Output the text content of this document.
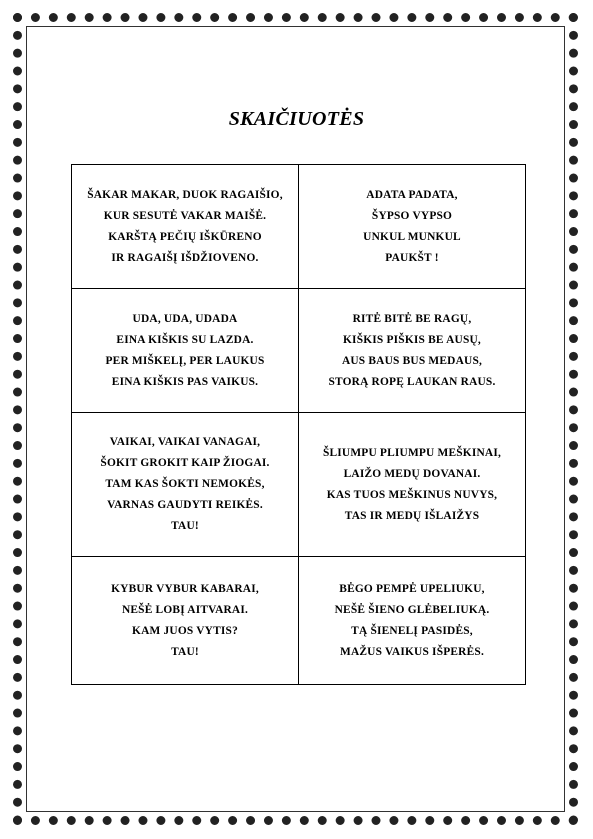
SKAIČIUOTĖS
ŠAKAR MAKAR, DUOK RAGAIŠIO,
KUR SESUTĖ VAKAR MAIŠĖ.
KARŠTĄ PEČIŲ IŠKŪRENO
IR RAGAIŠĮ IŠDŽIOVENO.	ADATA PADATA,
ŠYPSO VYPSO
UNKUL MUNKUL
PAUKŠT !

UDA, UDA, UDADA
EINA KIŠKIS SU LAZDA.
PER MIŠKELĮ, PER LAUKUS
EINA KIŠKIS PAS VAIKUS.	RITĖ BITĖ BE RAGŲ,
KIŠKIS PIŠKIS BE AUSŲ,
AUS BAUS BUS MEDAUS,
STORĄ ROPĘ LAUKAN RAUS.

VAIKAI, VAIKAI VANAGAI,
ŠOKIT GROKIT KAIP ŽIOGAI.
TAM KAS ŠOKTI NEMOKĖS,
VARNAS GAUDYTI REIKĖS.
TAU!	ŠLIUMPU PLIUMPU MEŠKINAI,
LAIŽO MEDŲ DOVANAI.
KAS TUOS MEŠKINUS NUVYS,
TAS IR MEDŲ IŠLAIŽYS

KYBUR VYBUR KABARAI,
NEŠĖ LOBĮ AITVARAI.
KAM JUOS VYTIS?
TAU!	BĖGO PEMPĖ UPELIUKU,
NEŠĖ ŠIENO GLĖBELIUKĄ.
TĄ ŠIENELĮ PASIDĖS,
MAŽUS VAIKUS IŠPERĖS.
